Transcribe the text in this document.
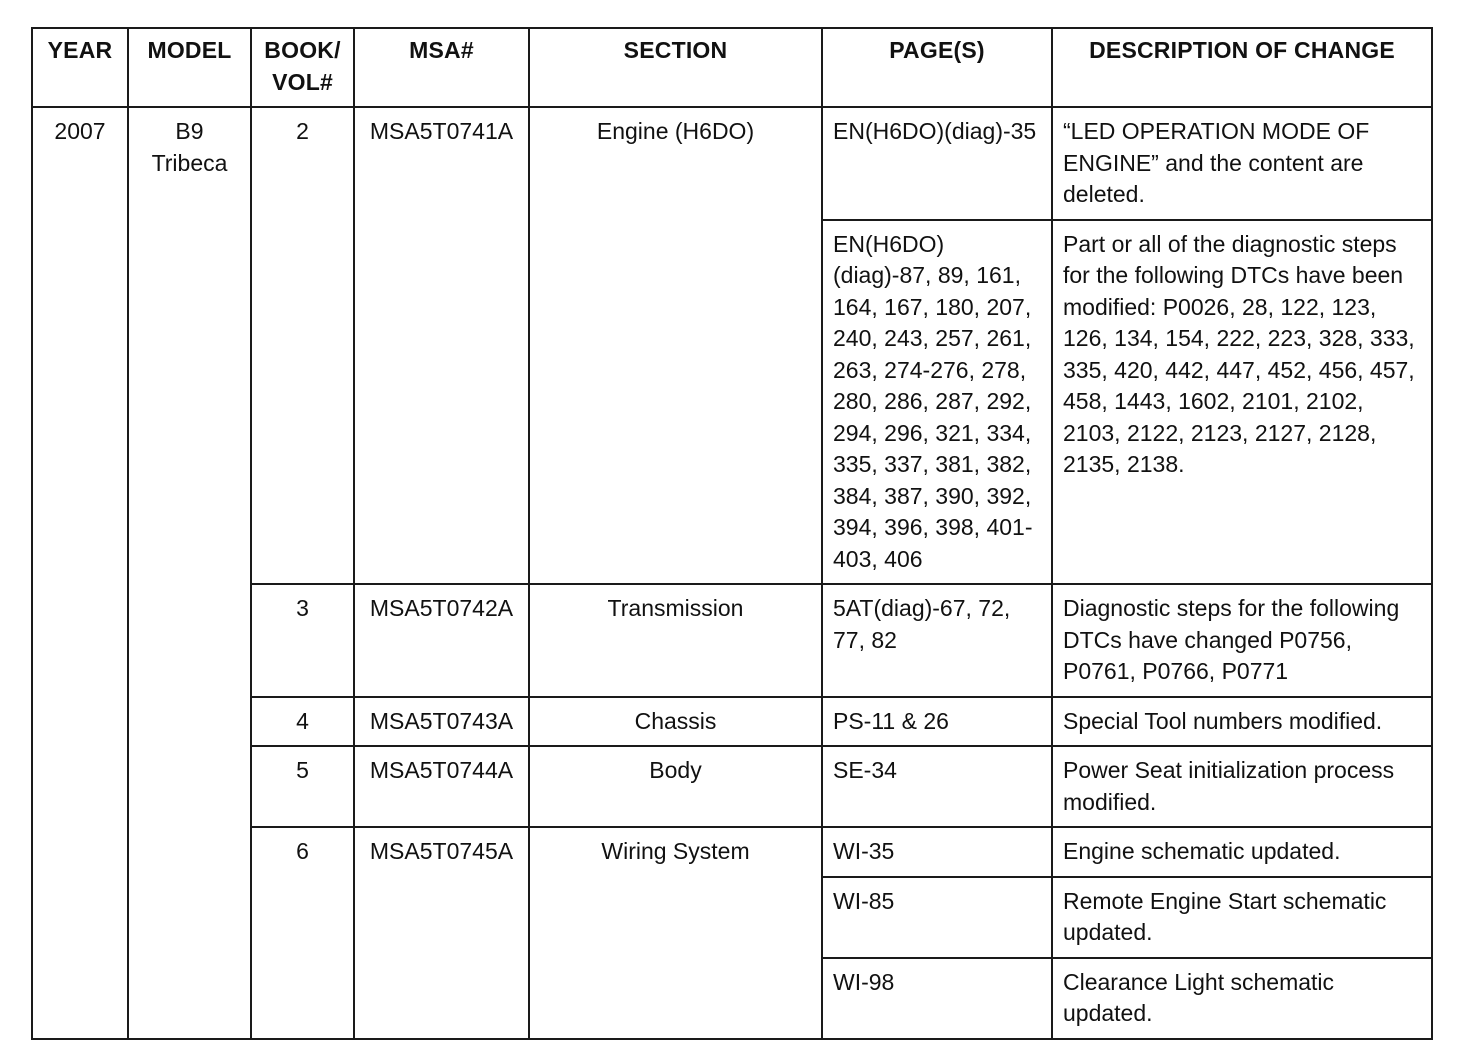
YEAR	MODEL	BOOK/ VOL#	MSA#	SECTION	PAGE(S)	DESCRIPTION OF CHANGE
2007	B9 Tribeca	2	MSA5T0741A	Engine (H6DO)	EN(H6DO)(diag)-35	“LED OPERATION MODE OF ENGINE” and the content are deleted.
					EN(H6DO)(diag)-87, 89, 161, 164, 167, 180, 207, 240, 243, 257, 261, 263, 274-276, 278, 280, 286, 287, 292, 294, 296, 321, 334, 335, 337, 381, 382, 384, 387, 390, 392, 394, 396, 398, 401-403, 406	Part or all of the diagnostic steps for the following DTCs have been modified: P0026, 28, 122, 123, 126, 134, 154, 222, 223, 328, 333, 335, 420, 442, 447, 452, 456, 457, 458, 1443, 1602, 2101, 2102, 2103, 2122, 2123, 2127, 2128, 2135, 2138.
		3	MSA5T0742A	Transmission	5AT(diag)-67, 72, 77, 82	Diagnostic steps for the following DTCs have changed P0756, P0761, P0766, P0771
		4	MSA5T0743A	Chassis	PS-11 & 26	Special Tool numbers modified.
		5	MSA5T0744A	Body	SE-34	Power Seat initialization process modified.
		6	MSA5T0745A	Wiring System	WI-35	Engine schematic updated.
					WI-85	Remote Engine Start schematic updated.
					WI-98	Clearance Light schematic updated.
